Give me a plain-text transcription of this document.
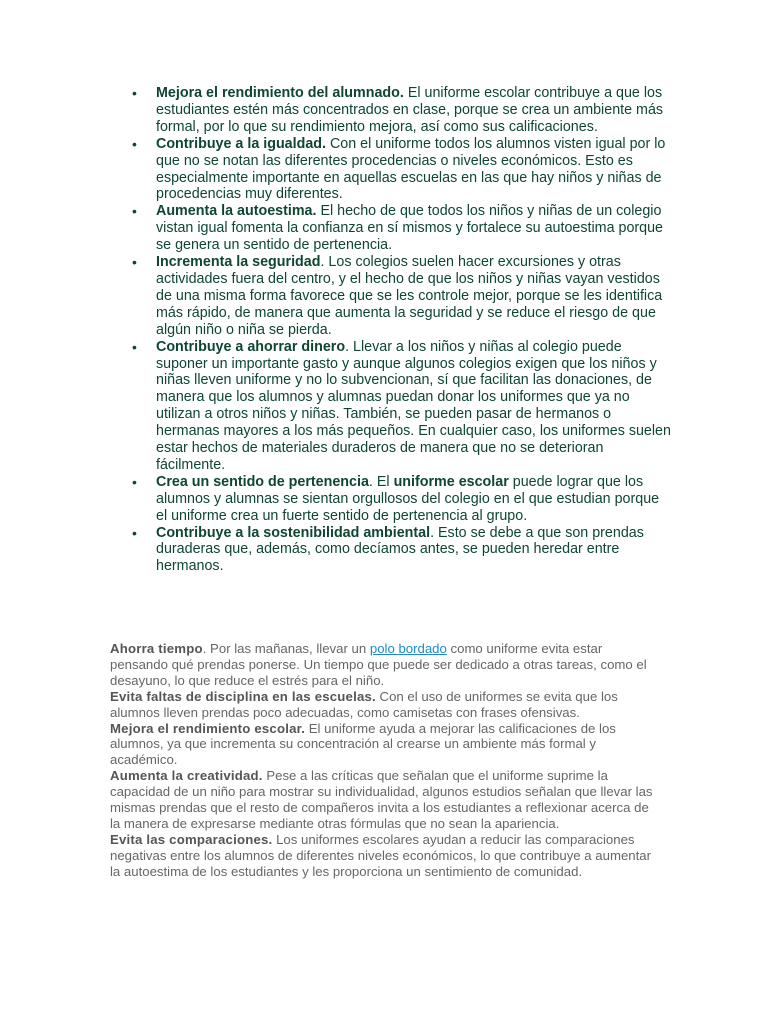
• Mejora el rendimiento del alumnado. El uniforme escolar contribuye a que los estudiantes estén más concentrados en clase, porque se crea un ambiente más formal, por lo que su rendimiento mejora, así como sus calificaciones.
• Contribuye a la igualdad. Con el uniforme todos los alumnos visten igual por lo que no se notan las diferentes procedencias o niveles económicos. Esto es especialmente importante en aquellas escuelas en las que hay niños y niñas de procedencias muy diferentes.
• Aumenta la autoestima. El hecho de que todos los niños y niñas de un colegio vistan igual fomenta la confianza en sí mismos y fortalece su autoestima porque se genera un sentido de pertenencia.
• Incrementa la seguridad. Los colegios suelen hacer excursiones y otras actividades fuera del centro, y el hecho de que los niños y niñas vayan vestidos de una misma forma favorece que se les controle mejor, porque se les identifica más rápido, de manera que aumenta la seguridad y se reduce el riesgo de que algún niño o niña se pierda.
• Contribuye a ahorrar dinero. Llevar a los niños y niñas al colegio puede suponer un importante gasto y aunque algunos colegios exigen que los niños y niñas lleven uniforme y no lo subvencionan, sí que facilitan las donaciones, de manera que los alumnos y alumnas puedan donar los uniformes que ya no utilizan a otros niños y niñas. También, se pueden pasar de hermanos o hermanas mayores a los más pequeños. En cualquier caso, los uniformes suelen estar hechos de materiales duraderos de manera que no se deterioran fácilmente.
• Crea un sentido de pertenencia. El uniforme escolar puede lograr que los alumnos y alumnas se sientan orgullosos del colegio en el que estudian porque el uniforme crea un fuerte sentido de pertenencia al grupo.
• Contribuye a la sostenibilidad ambiental. Esto se debe a que son prendas duraderas que, además, como decíamos antes, se pueden heredar entre hermanos.

Ahorra tiempo. Por las mañanas, llevar un polo bordado como uniforme evita estar pensando qué prendas ponerse. Un tiempo que puede ser dedicado a otras tareas, como el desayuno, lo que reduce el estrés para el niño.

Evita faltas de disciplina en las escuelas. Con el uso de uniformes se evita que los alumnos lleven prendas poco adecuadas, como camisetas con frases ofensivas.

Mejora el rendimiento escolar. El uniforme ayuda a mejorar las calificaciones de los alumnos, ya que incrementa su concentración al crearse un ambiente más formal y académico.

Aumenta la creatividad. Pese a las críticas que señalan que el uniforme suprime la capacidad de un niño para mostrar su individualidad, algunos estudios señalan que llevar las mismas prendas que el resto de compañeros invita a los estudiantes a reflexionar acerca de la manera de expresarse mediante otras fórmulas que no sean la apariencia.

Evita las comparaciones. Los uniformes escolares ayudan a reducir las comparaciones negativas entre los alumnos de diferentes niveles económicos, lo que contribuye a aumentar la autoestima de los estudiantes y les proporciona un sentimiento de comunidad.
